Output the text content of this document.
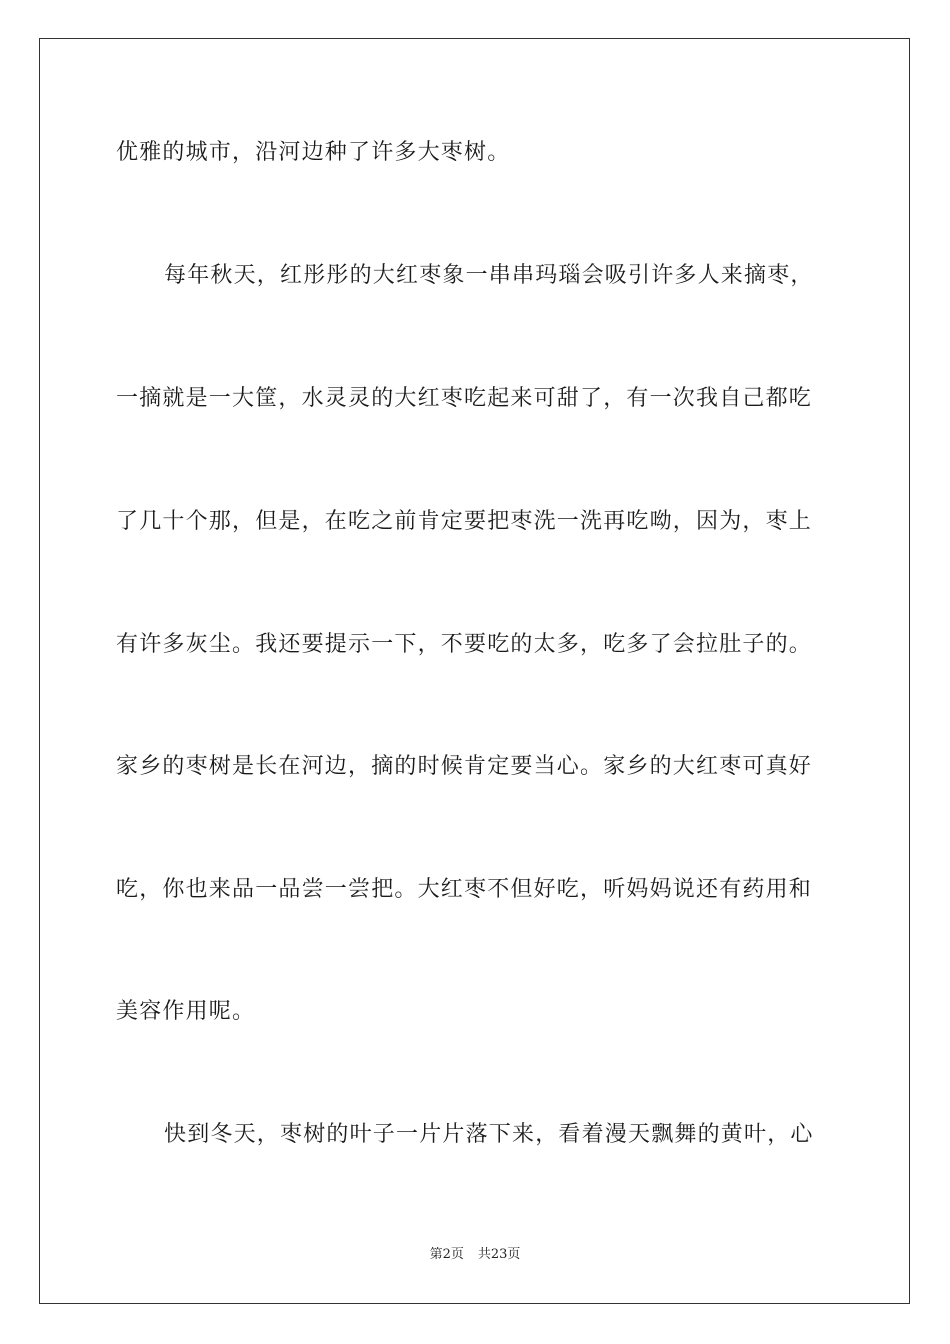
优雅的城市，沿河边种了许多大枣树。
每年秋天，红彤彤的大红枣象一串串玛瑙会吸引许多人来摘枣，
一摘就是一大筐，水灵灵的大红枣吃起来可甜了，有一次我自己都吃
了几十个那，但是，在吃之前肯定要把枣洗一洗再吃呦，因为，枣上
有许多灰尘。我还要提示一下，不要吃的太多，吃多了会拉肚子的。
家乡的枣树是长在河边，摘的时候肯定要当心。家乡的大红枣可真好
吃，你也来品一品尝一尝把。大红枣不但好吃，听妈妈说还有药用和
美容作用呢。
快到冬天，枣树的叶子一片片落下来，看着漫天飘舞的黄叶，心
第2页 共23页
